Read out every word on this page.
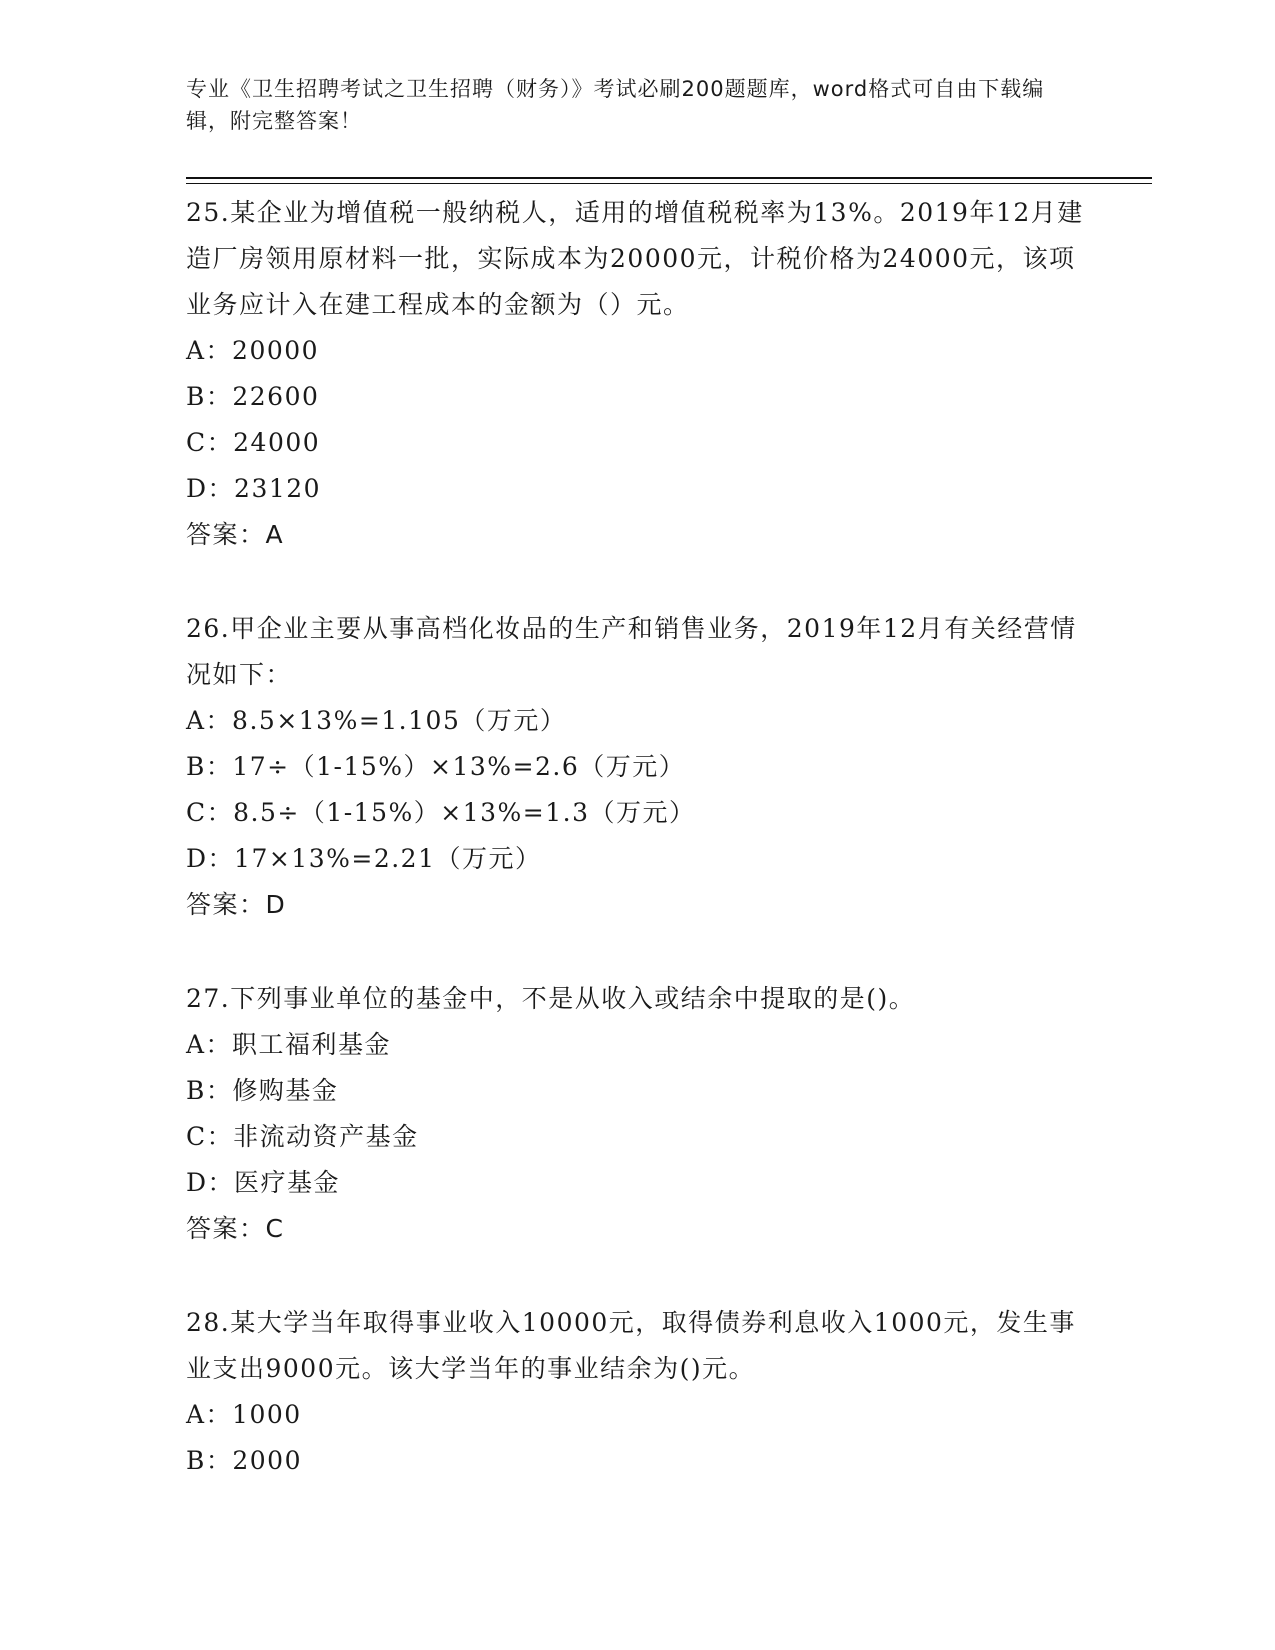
专业《卫生招聘考试之卫生招聘（财务）》考试必刷200题题库，word格式可自由下载编辑，附完整答案！

25.某企业为增值税一般纳税人，适用的增值税税率为13%。2019年12月建造厂房领用原材料一批，实际成本为20000元，计税价格为24000元，该项业务应计入在建工程成本的金额为（）元。

A：20000

B：22600

C：24000

D：23120

答案：A

26.甲企业主要从事高档化妆品的生产和销售业务，2019年12月有关经营情况如下：

A：8.5×13%=1.105（万元）

B：17÷（1-15%）×13%=2.6（万元）

C：8.5÷（1-15%）×13%=1.3（万元）

D：17×13%=2.21（万元）

答案：D

27.下列事业单位的基金中，不是从收入或结余中提取的是()。

A：职工福利基金

B：修购基金

C：非流动资产基金

D：医疗基金

答案：C

28.某大学当年取得事业收入10000元，取得债券利息收入1000元，发生事业支出9000元。该大学当年的事业结余为()元。

A：1000

B：2000
